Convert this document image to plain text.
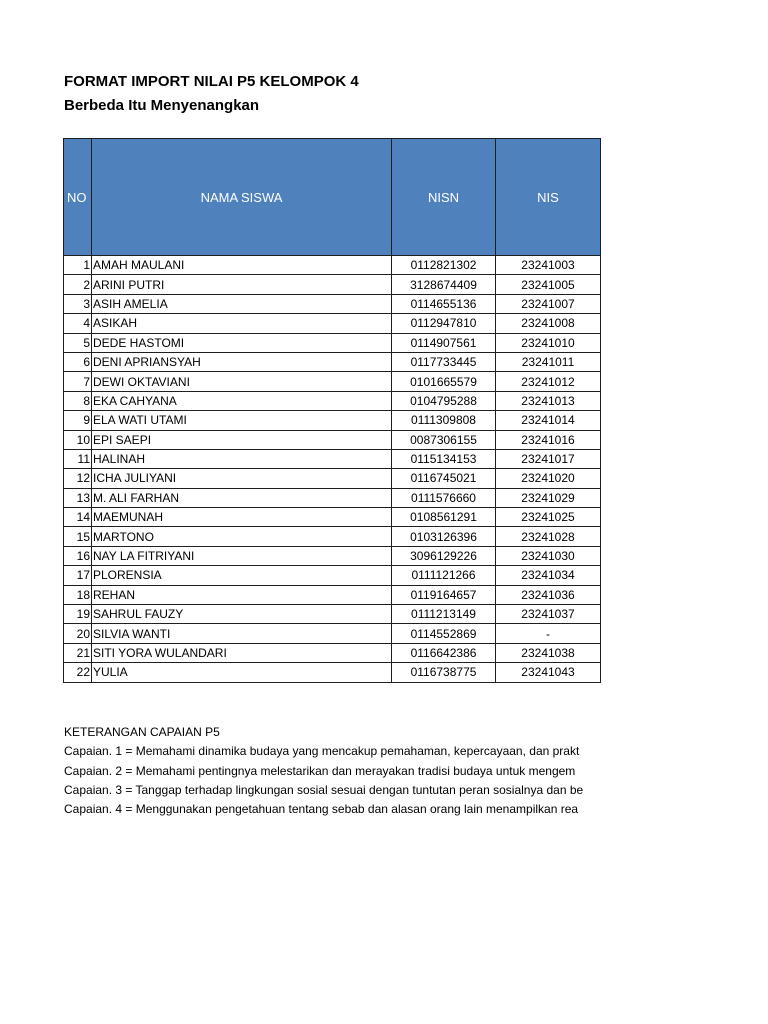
FORMAT IMPORT NILAI P5 KELOMPOK 4
Berbeda Itu Menyenangkan
NO	NAMA SISWA	NISN	NIS
1	AMAH MAULANI	0112821302	23241003
2	ARINI PUTRI	3128674409	23241005
3	ASIH AMELIA	0114655136	23241007
4	ASIKAH	0112947810	23241008
5	DEDE HASTOMI	0114907561	23241010
6	DENI APRIANSYAH	0117733445	23241011
7	DEWI OKTAVIANI	0101665579	23241012
8	EKA CAHYANA	0104795288	23241013
9	ELA WATI UTAMI	0111309808	23241014
10	EPI SAEPI	0087306155	23241016
11	HALINAH	0115134153	23241017
12	ICHA JULIYANI	0116745021	23241020
13	M. ALI FARHAN	0111576660	23241029
14	MAEMUNAH	0108561291	23241025
15	MARTONO	0103126396	23241028
16	NAY LA FITRIYANI	3096129226	23241030
17	PLORENSIA	0111121266	23241034
18	REHAN	0119164657	23241036
19	SAHRUL FAUZY	0111213149	23241037
20	SILVIA WANTI	0114552869	-
21	SITI YORA WULANDARI	0116642386	23241038
22	YULIA	0116738775	23241043
KETERANGAN CAPAIAN P5
Capaian. 1 = Memahami dinamika budaya yang mencakup pemahaman, kepercayaan, dan prakt
Capaian. 2 = Memahami pentingnya melestarikan dan merayakan tradisi budaya untuk mengem
Capaian. 3 = Tanggap terhadap lingkungan sosial sesuai dengan tuntutan peran sosialnya dan be
Capaian. 4 = Menggunakan pengetahuan tentang sebab dan alasan orang lain menampilkan rea
